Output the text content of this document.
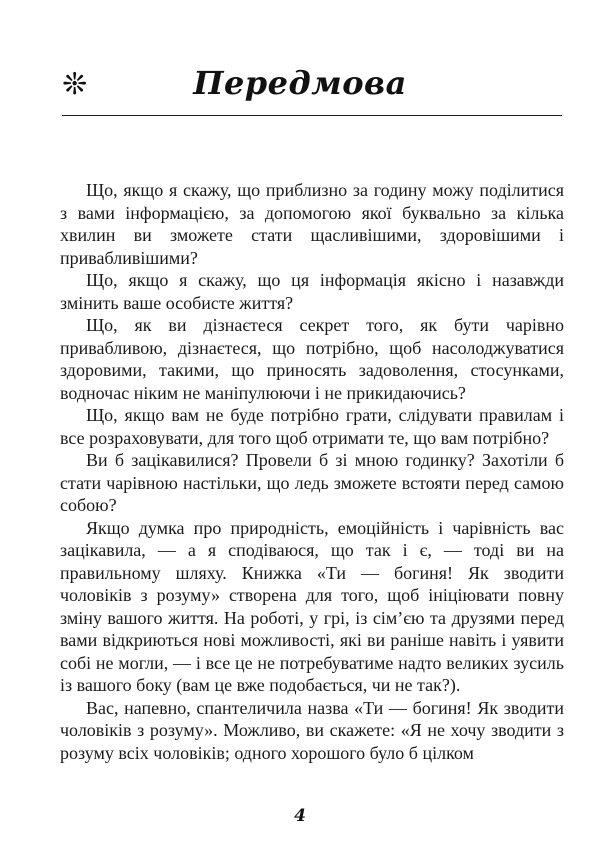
❊	Передмова

Що, якщо я скажу, що приблизно за годину можу поділитися з вами інформацією, за допомогою якої буквально за кілька хвилин ви зможете стати щасливішими, здоровішими і привабливішими?

Що, якщо я скажу, що ця інформація якісно і назавжди змінить ваше особисте життя?

Що, як ви дізнаєтеся секрет того, як бути чарівно привабливою, дізнаєтеся, що потрібно, щоб насолоджуватися здоровими, такими, що приносять задоволення, стосунками, водночас ніким не маніпулюючи і не прикидаючись?

Що, якщо вам не буде потрібно грати, слідувати правилам і все розраховувати, для того щоб отримати те, що вам потрібно?

Ви б зацікавилися? Провели б зі мною годинку? Захотіли б стати чарівною настільки, що ледь зможете встояти перед самою собою?

Якщо думка про природність, емоційність і чарівність вас зацікавила, — а я сподіваюся, що так і є, — тоді ви на правильному шляху. Книжка «Ти — богиня! Як зводити чоловіків з розуму» створена для того, щоб ініціювати повну зміну вашого життя. На роботі, у грі, із сім’єю та друзями перед вами відкриються нові можливості, які ви раніше навіть і уявити собі не могли, — і все це не потребуватиме надто великих зусиль із вашого боку (вам це вже подобається, чи не так?).

Вас, напевно, спантеличила назва «Ти — богиня! Як зводити чоловіків з розуму». Можливо, ви скажете: «Я не хочу зводити з розуму всіх чоловіків; одного хорошого було б цілком

4
